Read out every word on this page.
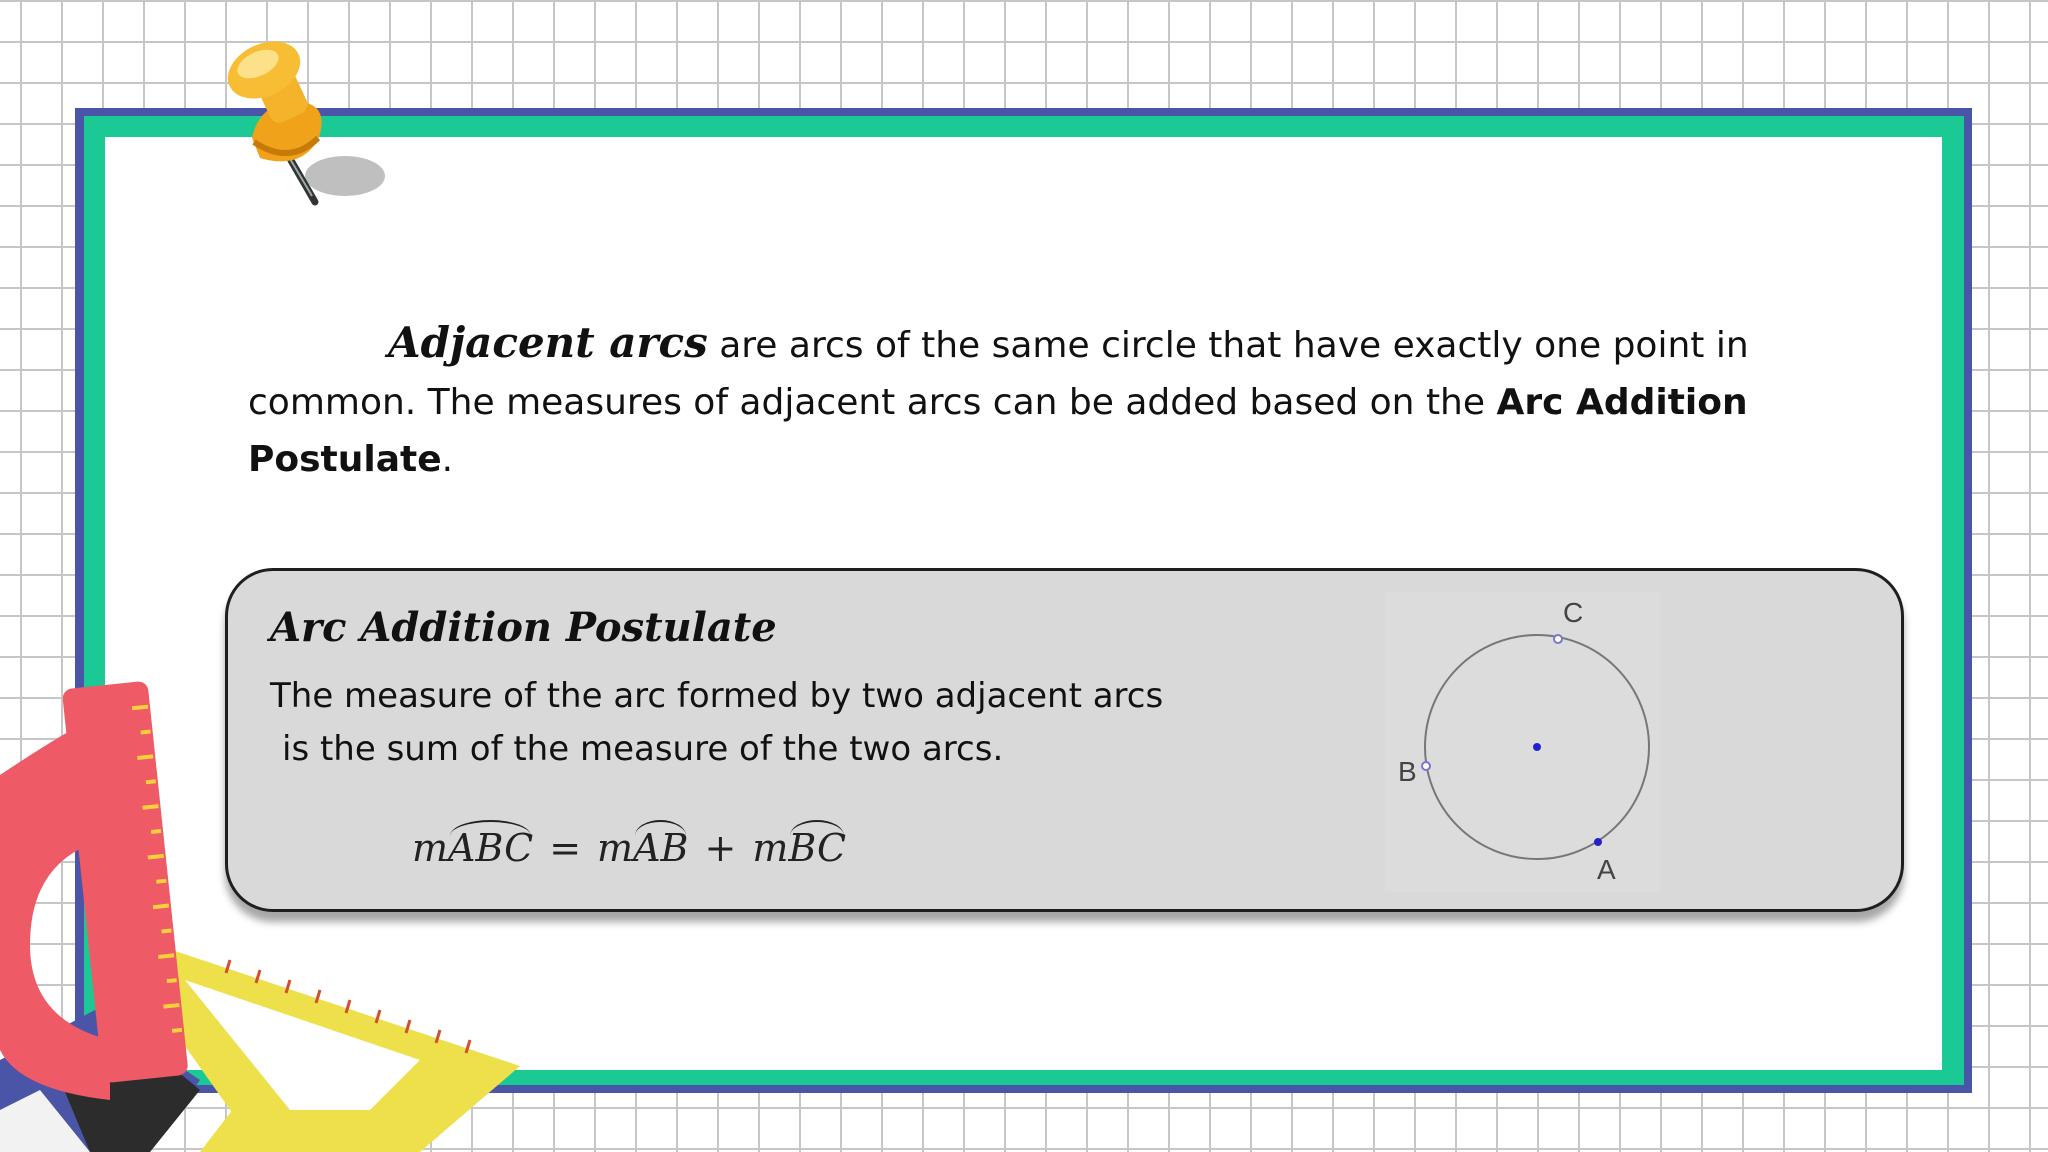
Adjacent arcs are arcs of the same circle that have exactly one point in common. The measures of adjacent arcs can be added based on the Arc Addition Postulate.

Arc Addition Postulate

The measure of the arc formed by two adjacent arcs
is the sum of the measure of the two arcs.

mABC = mAB + mBC
C
B
A
